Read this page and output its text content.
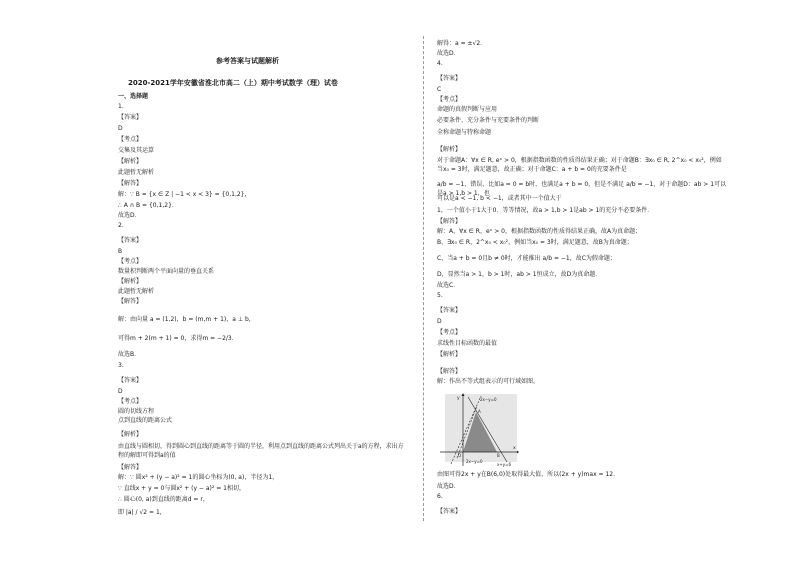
参考答案与试题解析
2020-2021学年安徽省淮北市高二（上）期中考试数学（理）试卷
一、选择题
1.
【答案】
D
【考点】
交集及其运算
【解析】
此题暂无解析
【解答】
解：∵ B = {x ∈ Z | −1 < x < 3} = {0,1,2}，
∴ A ∩ B = {0,1,2}．
故选D．
2.
【答案】
B
【考点】
数量积判断两个平面向量的垂直关系
【解析】
此题暂无解析
【解答】
解：由向量 a = (1,2)，b = (m,m + 1)，a ⊥ b，
可得m + 2(m + 1) = 0，求得m = −2/3．
故选B．
3.
【答案】
D
【考点】
圆的切线方程
点到直线的距离公式
【解析】
由直线与圆相切，得到圆心到直线的距离等于圆的半径，利用点到直线的距离公式列出关于a的方程，求出方程的解即可得到a的值
【解答】
解：∵ 圆x² + (y − a)² = 1的圆心坐标为(0, a)，半径为1，
∵ 直线x + y = 0与圆x² + (y − a)² = 1相切，
∴ 圆心(0, a)到直线的距离d = r，
即 |a| / √2 = 1，
解得：a = ±√2．
故选D．
4.
【答案】
C
【考点】
命题的真假判断与应用
必要条件、充分条件与充要条件的判断
全称命题与特称命题
【解析】
对于命题A：∀x ∈ R, eˣ > 0，根据指数函数的性质得结果正确；对于命题B：∃x₀ ∈ R, 2^x₀ < x₀²，例如当x₀ = 3时，满足题意，故正确；对于命题C：a + b = 0的充要条件是
a/b = −1，错误，比如a = 0 = b时，也满足a + b = 0，但是不满足 a/b = −1，对于命题D：ab > 1可以是a > 1,b > 1，也
可以是a < −1, b < −1，或者其中一个值大于
1，一个值小于1大于0．等等情况，故a > 1,b > 1是ab > 1的充分不必要条件．
【解答】
解：A，∀x ∈ R，eˣ > 0，根据指数函数的性质得结果正确，故A为真命题；
B，∃x₀ ∈ R，2^x₀ < x₀²，例如当x₀ = 3时，满足题意，故B为真命题；
C，当a + b = 0且b ≠ 0时，才能推出 a/b = −1，故C为假命题；
D，显然当a > 1，b > 1时，ab > 1恒成立，故D为真命题．
故选C．
5.
【答案】
D
【考点】
求线性目标函数的最值
【解析】
【解答】
解：作出不等式组表示的可行域如图，
y
x
2x−y=0
2x−y=0
x+y=6
O
A
B
由图可得2x + y在B(6,0)处取得最大值，所以(2x + y)max = 12．
故选D．
6.
【答案】
